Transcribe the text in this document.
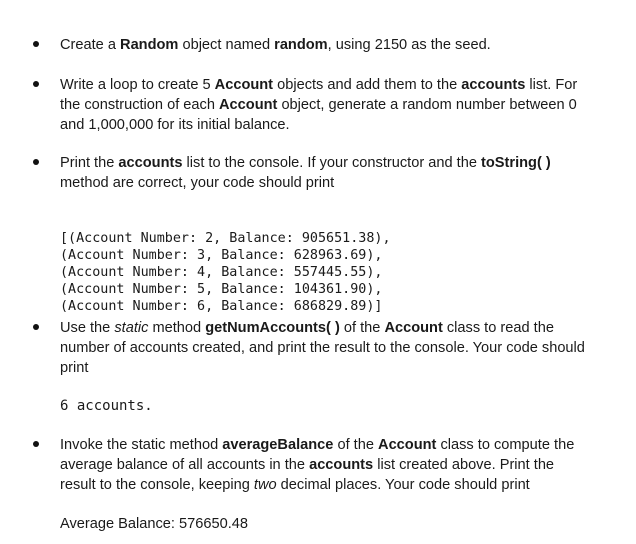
Create a Random object named random, using 2150 as the seed.
Write a loop to create 5 Account objects and add them to the accounts list. For the construction of each Account object, generate a random number between 0 and 1,000,000 for its initial balance.
Print the accounts list to the console. If your constructor and the toString( ) method are correct, your code should print

[(Account Number: 2, Balance: 905651.38),
(Account Number: 3, Balance: 628963.69),
(Account Number: 4, Balance: 557445.55),
(Account Number: 5, Balance: 104361.90),
(Account Number: 6, Balance: 686829.89)]

Use the static method getNumAccounts( ) of the Account class to read the number of accounts created, and print the result to the console. Your code should print
6 accounts.
Invoke the static method averageBalance of the Account class to compute the average balance of all accounts in the accounts list created above. Print the result to the console, keeping two decimal places. Your code should print
Average Balance: 576650.48
